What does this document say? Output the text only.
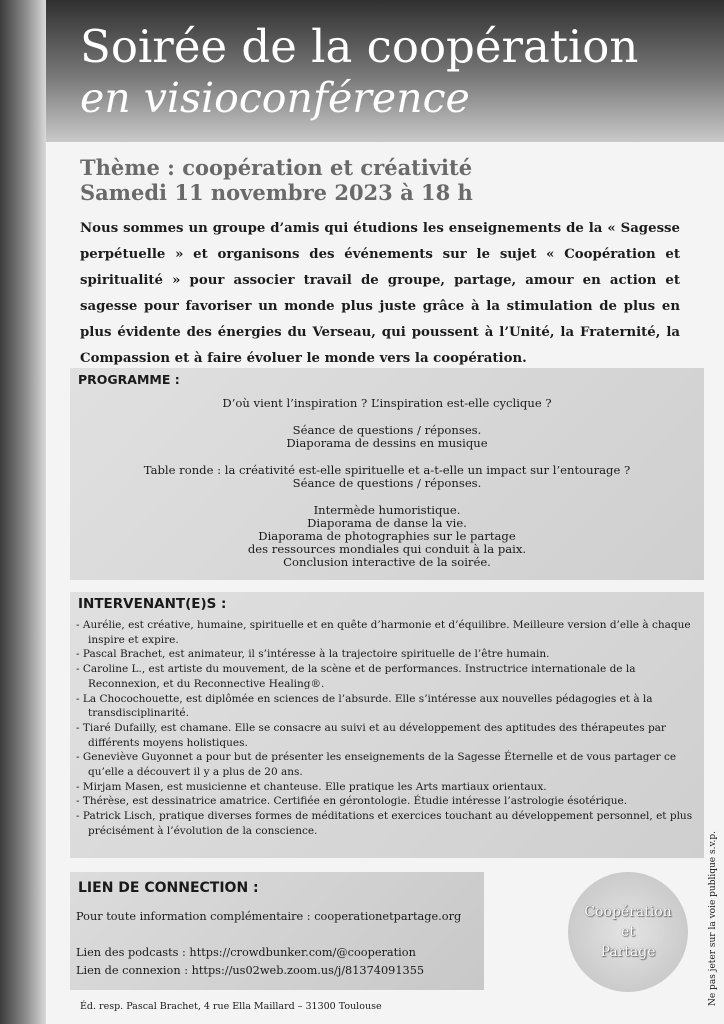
Soirée de la coopération
en visioconférence

Thème : coopération et créativité

Samedi 11 novembre 2023 à 18 h

Nous sommes un groupe d’amis qui étudions les enseignements de la « Sagesse perpétuelle » et organisons des événements sur le sujet « Coopération et spiritualité » pour associer travail de groupe, partage, amour en action et sagesse pour favoriser un monde plus juste grâce à la stimulation de plus en plus évidente des énergies du Verseau, qui poussent à l’Unité, la Fraternité, la Compassion et à faire évoluer le monde vers la coopération.

PROGRAMME :

D’où vient l’inspiration ? L’inspiration est-elle cyclique ?
Séance de questions / réponses.
Diaporama de dessins en musique
Table ronde : la créativité est-elle spirituelle et a-t-elle un impact sur l’entourage ?
Séance de questions / réponses.
Intermède humoristique.
Diaporama de danse la vie.
Diaporama de photographies sur le partage
des ressources mondiales qui conduit à la paix.
Conclusion interactive de la soirée.

INTERVENANT(E)S :

- Aurélie, est créative, humaine, spirituelle et en quête d’harmonie et d’équilibre. Meilleure version d’elle à chaque inspire et expire.
- Pascal Brachet, est animateur, il s’intéresse à la trajectoire spirituelle de l’être humain.
- Caroline L., est artiste du mouvement, de la scène et de performances. Instructrice internationale de la Reconnexion, et du Reconnective Healing®.
- La Chocochouette, est diplômée en sciences de l’absurde. Elle s’intéresse aux nouvelles pédagogies et à la transdisciplinarité.
- Tiaré Dufailly, est chamane. Elle se consacre au suivi et au développement des aptitudes des thérapeutes par différents moyens holistiques.
- Geneviève Guyonnet a pour but de présenter les enseignements de la Sagesse Éternelle et de vous partager ce qu’elle a découvert il y a plus de 20 ans.
- Mirjam Masen, est musicienne et chanteuse. Elle pratique les Arts martiaux orientaux.
- Thérèse, est dessinatrice amatrice. Certifiée en gérontologie. Étudie intéresse l’astrologie ésotérique.
- Patrick Lisch, pratique diverses formes de méditations et exercices touchant au développement personnel, et plus précisément à l’évolution de la conscience.

LIEN DE CONNECTION :

Pour toute information complémentaire : cooperationetpartage.org

Lien des podcasts : https://crowdbunker.com/@cooperation

Lien de connexion : https://us02web.zoom.us/j/81374091355

Coopération
et
Partage

Éd. resp. Pascal Brachet, 4 rue Ella Maillard – 31300 Toulouse

Ne pas jeter sur la voie publique s.v.p.
